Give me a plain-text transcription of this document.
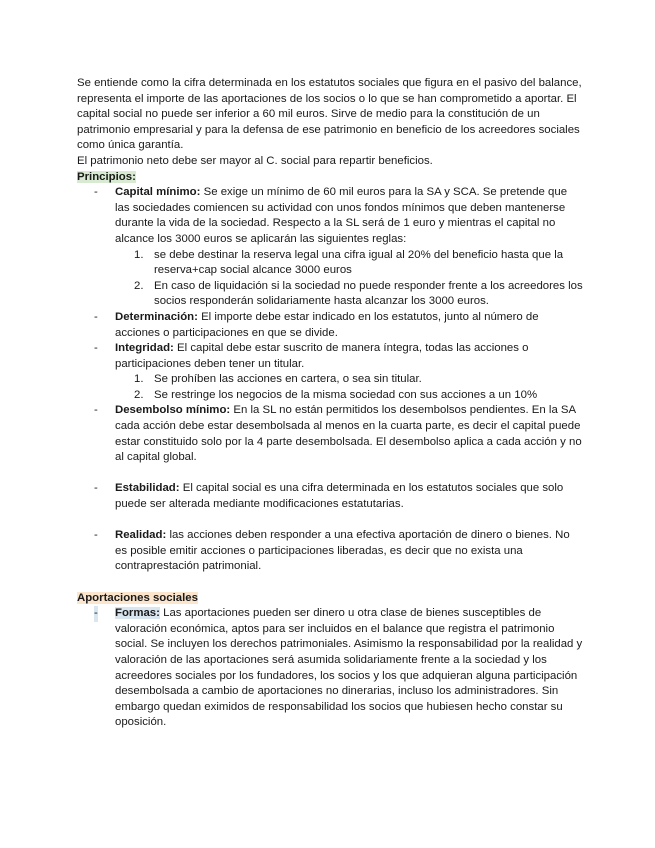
Se entiende como la cifra determinada en los estatutos sociales que figura en el pasivo del balance, representa el importe de las aportaciones de los socios o lo que se han comprometido a aportar. El capital social no puede ser inferior a 60 mil euros. Sirve de medio para la constitución de un patrimonio empresarial y para la defensa de ese patrimonio en beneficio de los acreedores sociales como única garantía.

El patrimonio neto debe ser mayor al C. social para repartir beneficios.

Principios:

- Capital mínimo: Se exige un mínimo de 60 mil euros para la SA y SCA. Se pretende que las sociedades comiencen su actividad con unos fondos mínimos que deben mantenerse durante la vida de la sociedad. Respecto a la SL será de 1 euro y mientras el capital no alcance los 3000 euros se aplicarán las siguientes reglas:
1. se debe destinar la reserva legal una cifra igual al 20% del beneficio hasta que la reserva+cap social alcance 3000 euros
2. En caso de liquidación si la sociedad no puede responder frente a los acreedores los socios responderán solidariamente hasta alcanzar los 3000 euros.
- Determinación: El importe debe estar indicado en los estatutos, junto al número de acciones o participaciones en que se divide.
- Integridad: El capital debe estar suscrito de manera íntegra, todas las acciones o participaciones deben tener un titular.
1. Se prohíben las acciones en cartera, o sea sin titular.
2. Se restringe los negocios de la misma sociedad con sus acciones a un 10%
- Desembolso mínimo: En la SL no están permitidos los desembolsos pendientes. En la SA cada acción debe estar desembolsada al menos en la cuarta parte, es decir el capital puede estar constituido solo por la 4 parte desembolsada. El desembolso aplica a cada acción y no al capital global.
- Estabilidad: El capital social es una cifra determinada en los estatutos sociales que solo puede ser alterada mediante modificaciones estatutarias.
- Realidad: las acciones deben responder a una efectiva aportación de dinero o bienes. No es posible emitir acciones o participaciones liberadas, es decir que no exista una contraprestación patrimonial.

Aportaciones sociales

- Formas: Las aportaciones pueden ser dinero u otra clase de bienes susceptibles de valoración económica, aptos para ser incluidos en el balance que registra el patrimonio social. Se incluyen los derechos patrimoniales. Asimismo la responsabilidad por la realidad y valoración de las aportaciones será asumida solidariamente frente a la sociedad y los acreedores sociales por los fundadores, los socios y los que adquieran alguna participación desembolsada a cambio de aportaciones no dinerarias, incluso los administradores. Sin embargo quedan eximidos de responsabilidad los socios que hubiesen hecho constar su oposición.
